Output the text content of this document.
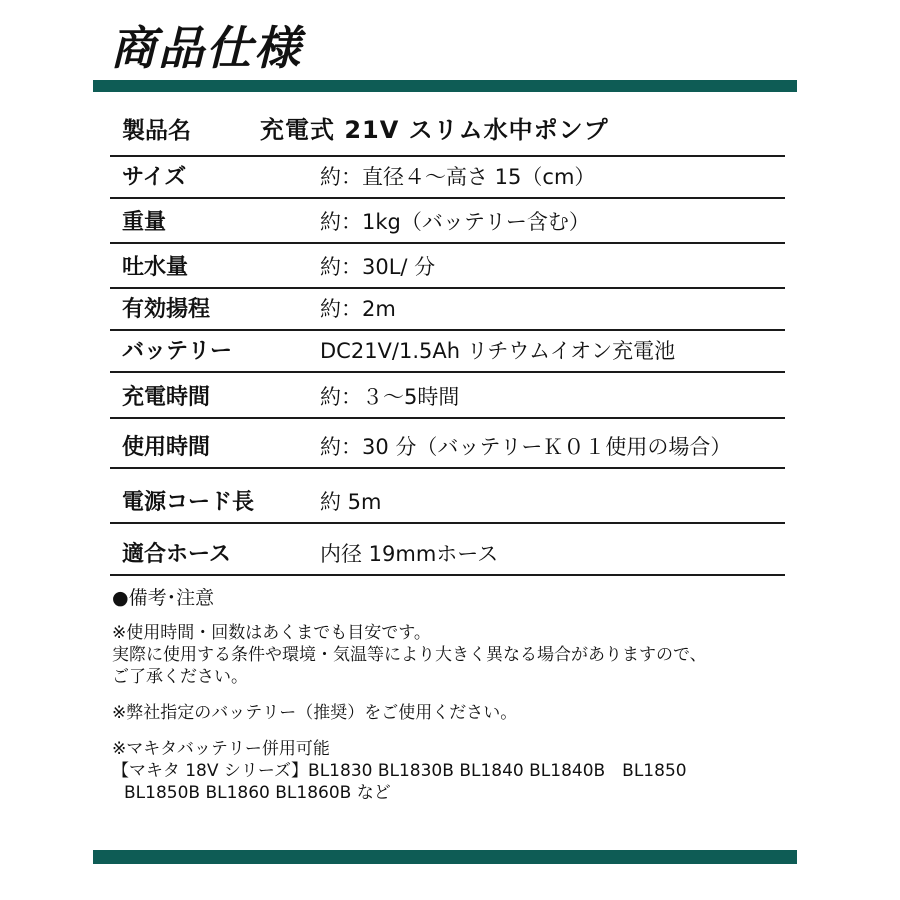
商品仕様
製品名	充電式 21V スリム水中ポンプ
サイズ	約：直径４～高さ 15（cm）
重量	約：1kg（バッテリー含む）
吐水量	約：30L/ 分
有効揚程	約：2m
バッテリー	DC21V/1.5Ah リチウムイオン充電池
充電時間	約：３～5時間
使用時間	約：30 分（バッテリーＫ０１使用の場合）
電源コード長	約 5m
適合ホース	内径 19mmホース
●備考･注意
※使用時間・回数はあくまでも目安です。
実際に使用する条件や環境・気温等により大きく異なる場合がありますので、
ご了承ください。
※弊社指定のバッテリー（推奨）をご使用ください。
※マキタバッテリー併用可能
【マキタ 18V シリーズ】BL1830 BL1830B BL1840 BL1840B　BL1850
BL1850B BL1860 BL1860B など
